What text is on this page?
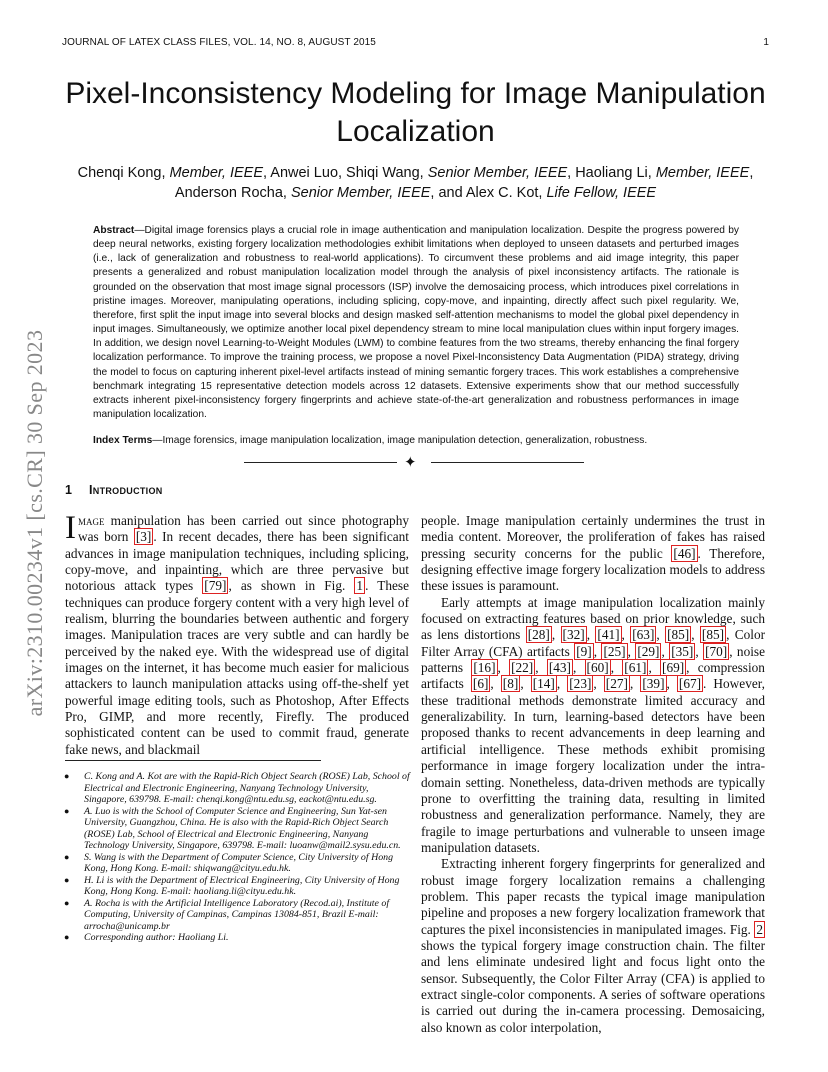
JOURNAL OF LATEX CLASS FILES, VOL. 14, NO. 8, AUGUST 2015	1
Pixel-Inconsistency Modeling for Image Manipulation Localization
Chenqi Kong, Member, IEEE, Anwei Luo, Shiqi Wang, Senior Member, IEEE, Haoliang Li, Member, IEEE,
Anderson Rocha, Senior Member, IEEE, and Alex C. Kot, Life Fellow, IEEE
Abstract—Digital image forensics plays a crucial role in image authentication and manipulation localization. Despite the progress powered by deep neural networks, existing forgery localization methodologies exhibit limitations when deployed to unseen datasets and perturbed images (i.e., lack of generalization and robustness to real-world applications). To circumvent these problems and aid image integrity, this paper presents a generalized and robust manipulation localization model through the analysis of pixel inconsistency artifacts. The rationale is grounded on the observation that most image signal processors (ISP) involve the demosaicing process, which introduces pixel correlations in pristine images. Moreover, manipulating operations, including splicing, copy-move, and inpainting, directly affect such pixel regularity. We, therefore, first split the input image into several blocks and design masked self-attention mechanisms to model the global pixel dependency in input images. Simultaneously, we optimize another local pixel dependency stream to mine local manipulation clues within input forgery images. In addition, we design novel Learning-to-Weight Modules (LWM) to combine features from the two streams, thereby enhancing the final forgery localization performance. To improve the training process, we propose a novel Pixel-Inconsistency Data Augmentation (PIDA) strategy, driving the model to focus on capturing inherent pixel-level artifacts instead of mining semantic forgery traces. This work establishes a comprehensive benchmark integrating 15 representative detection models across 12 datasets. Extensive experiments show that our method successfully extracts inherent pixel-inconsistency forgery fingerprints and achieve state-of-the-art generalization and robustness performances in image manipulation localization.
Index Terms—Image forensics, image manipulation localization, image manipulation detection, generalization, robustness.
✦
arXiv:2310.00234v1 [cs.CR] 30 Sep 2023 1 Introduction

Image manipulation has been carried out since photography was born [3] . In recent decades, there has been significant advances in image manipulation techniques, including splicing, copy-move, and inpainting, which are three pervasive but notorious attack types [79] , as shown in Fig. 1 . These techniques can produce forgery content with a very high level of realism, blurring the boundaries between authentic and forgery images. Manipulation traces are very subtle and can hardly be perceived by the naked eye. With the widespread use of digital images on the internet, it has become much easier for malicious attackers to launch manipulation attacks using off-the-shelf yet powerful image editing tools, such as Photoshop, After Effects Pro, GIMP, and more recently, Firefly. The produced sophisticated content can be used to commit fraud, generate fake news, and blackmail

● C. Kong and A. Kot are with the Rapid-Rich Object Search (ROSE) Lab, School of Electrical and Electronic Engineering, Nanyang Technology University, Singapore, 639798. E-mail: chenqi.kong@ntu.edu.sg, eackot@ntu.edu.sg.
● A. Luo is with the School of Computer Science and Engineering, Sun Yat-sen University, Guangzhou, China. He is also with the Rapid-Rich Object Search (ROSE) Lab, School of Electrical and Electronic Engineering, Nanyang Technology University, Singapore, 639798. E-mail: luoanw@mail2.sysu.edu.cn.
● S. Wang is with the Department of Computer Science, City University of Hong Kong, Hong Kong. E-mail: shiqwang@cityu.edu.hk.
● H. Li is with the Department of Electrical Engineering, City University of Hong Kong, Hong Kong. E-mail: haoliang.li@cityu.edu.hk.
● A. Rocha is with the Artificial Intelligence Laboratory (Recod.ai), Institute of Computing, University of Campinas, Campinas 13084-851, Brazil E-mail: arrocha@unicamp.br
● Corresponding author: Haoliang Li.

people. Image manipulation certainly undermines the trust in media content. Moreover, the proliferation of fakes has raised pressing security concerns for the public [46] . Therefore, designing effective image forgery localization models to address these issues is paramount.

Early attempts at image manipulation localization mainly focused on extracting features based on prior knowledge, such as lens distortions [28] , [32] , [41] , [63] , [85] , [85] , Color Filter Array (CFA) artifacts [9] , [25] , [29] , [35] , [70] , noise patterns [16] , [22] , [43] , [60] , [61] , [69] , compression artifacts [6] , [8] , [14] , [23] , [27] , [39] , [67] . However, these traditional methods demonstrate limited accuracy and generalizability. In turn, learning-based detectors have been proposed thanks to recent advancements in deep learning and artificial intelligence. These methods exhibit promising performance in image forgery localization under the intra-domain setting. Nonetheless, data-driven methods are typically prone to overfitting the training data, resulting in limited robustness and generalization performance. Namely, they are fragile to image perturbations and vulnerable to unseen image manipulation datasets.

Extracting inherent forgery fingerprints for generalized and robust image forgery localization remains a challenging problem. This paper recasts the typical image manipulation pipeline and proposes a new forgery localization framework that captures the pixel inconsistencies in manipulated images. Fig. 2 shows the typical forgery image construction chain. The filter and lens eliminate undesired light and focus light onto the sensor. Subsequently, the Color Filter Array (CFA) is applied to extract single-color components. A series of software operations is carried out during the in-camera processing. Demosaicing, also known as color interpolation,
